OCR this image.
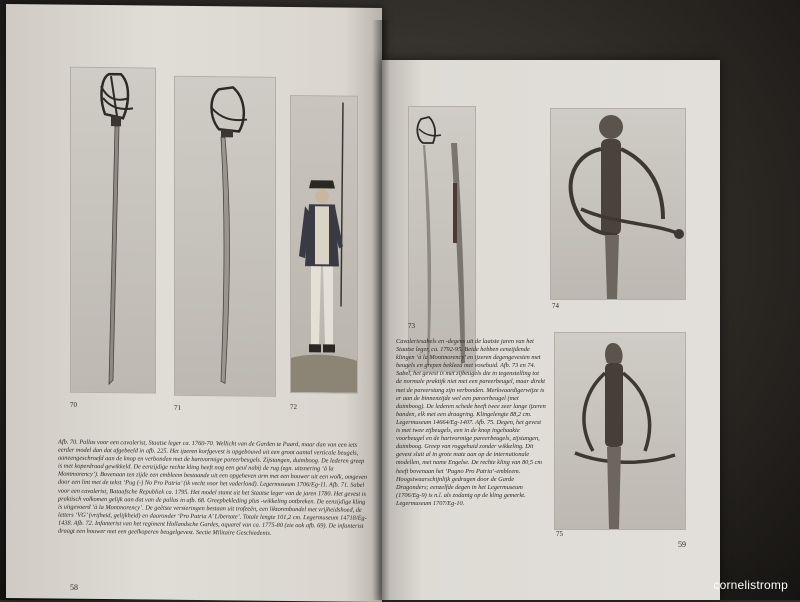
70	71	72

Afb. 70. Pallas voor een cavalerist, Staatse leger ca. 1760-70. Wellicht van de Garden te Paard, maar dan van een iets eerder model dan dat afgebeeld in afb. 225. Het ijzeren korfgevest is opgebouwd uit een groot aantal verticale beugels, aaneengeschroefd aan de knop en verbonden met de hartvormige pareerbeugels. Zijstangen, duimboog. De lederen greep is met koperdraad gewikkeld. De eenzijdige rechte kling heeft nog een geul nabij de rug (zgn. uitsnering ‘à la Montmorency’). Bovenaan ten zijde een embleem bestaande uit een opgeheven arm met een houwer uit een wolk, omgeven door een lint met de tekst ‘Pug (-) No Pro Patria’ (ik vecht voor het vaderland). Legermuseum 1706/Eg-11. Afb. 71. Sabel voor een cavalerist, Bataafsche Republiek ca. 1795. Het model stamt uit het Staatse leger van de jaren 1780. Het gevest is praktisch volkomen gelijk aan dat van de pallas in afb. 68. Greepbekleding plus -wikkeling ontbreken. De eenzijdige kling is uitgevoerd ‘à la Montmorency’. De geëtste versieringen bestaan uit trofeeën, een liktorenbundel met vrijheidshoed, de letters ‘VG’ (vrijheid, gelijkheid) en daaronder ‘Pro Patria A’ Libertate’. Totale lengte 101,2 cm. Legermuseum 14718/Eg-1438. Afb. 72. Infanterist van het regiment Hollandsche Gardes, aquarel van ca. 1775-80 (zie ook afb. 69). De infanterist draagt een houwer met een geelkoperen beugelgevest. Sectie Militaire Geschiedenis.

58
73
74

Cavaleriesabels en -degens uit de laatste jaren van het Staatse leger, ca. 1792-95. Beide hebben eenzijdende klingen ‘à la Montmorency’ en ijzeren degengevesten met beugels en grepen bekleed met vosehuid. Afb. 73 en 74. Sabel, het gevest is met zijbeugels die in tegenstelling tot de normale praktijk niet met een pareerbeugel, maar direkt met de pareerstang zijn verbonden. Merkwaardigerwijze is er aan de binnenzijde wel een pareerbeugel (met duimboog). De lederen schede heeft twee zeer lange ijzeren banden, elk met een draagring. Klingelengte 88,2 cm. Legermuseum 14664/Eg-1407. Afb. 75. Degen, het gevest is met twee zijbeugels, een in de knop ingehaakte voorbeugel en de hartvormige pareerbeugels, zijstangen, duimboog. Greep van roggehuid zonder wikkeling. Dit gevest sluit al in grote mate aan op de internationale modellen, met name Engelse. De rechte kling van 80,5 cm heeft bovenaan het ‘Pugno Pro Patria’-embleem. Hoogstwaarschijnlijk gedragen door de Garde Dragonders; eenzelfde degen in het Legermuseum (1706/Eg-9) is n.l. als zodanig op de kling gemerkt. Legermuseum 1707/Eg-10.

75
59
cornelistromp
